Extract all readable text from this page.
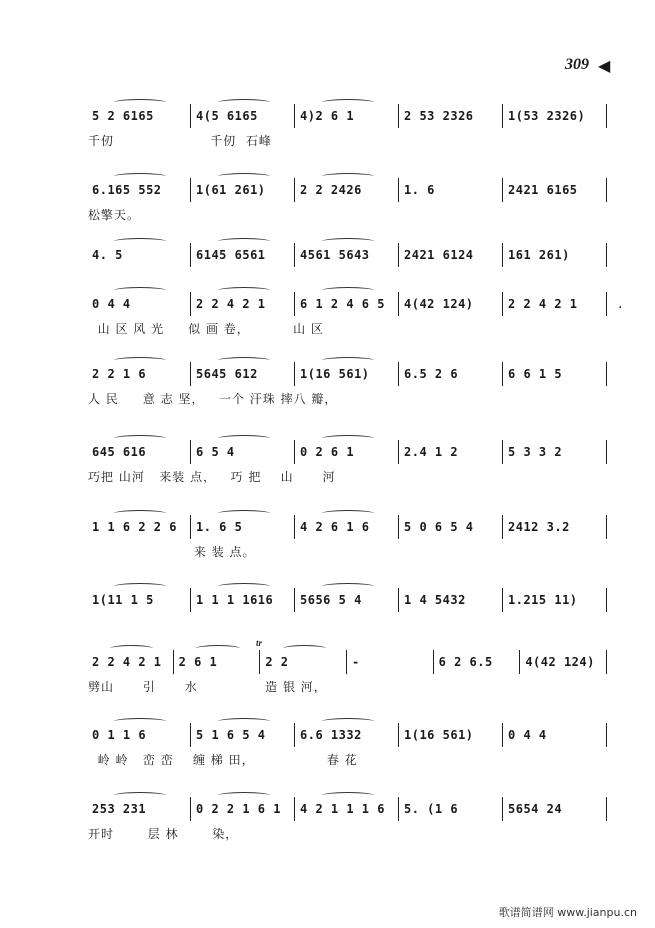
309 ◀
5 2 6165	4(5 6165	4)2 6 1	2 53 2326	1(53 2326)
千仞                    千仞  石峰
6.165 552	1(61 261)	2 2 2426	1. 6	2421 6165
松擎天。
4. 5	6145 6561	4561 5643	2421 6124	161 261)
0 4 4	2 2 4 2 1	6 1 2 4 6 5	4(42 124)	2 2 4 2 1
山 区 风 光     似 画 卷，         山 区
2 2 1 6	5645 612	1(16 561)	6.5 2 6	6 6 1 5
人 民     意 志 坚，   一个 汗珠 摔八 瓣，
645 616	6 5 4	0 2 6 1	2.4 1 2	5 3 3 2
巧把 山河   来装 点，   巧 把    山      河
1 1 6 2 2 6	1. 6 5	4 2 6 1 6	5 0 6 5 4	2412 3.2
来 装 点。
1(11 1 5	1 1 1 1616	5656 5 4	1 4 5432	1.215 11)
2 2 4 2 1	2 6 1	2 2	-	6 2 6.5	4(42 124)
劈山      引      水              造 银 河，
tr
0 1 1 6	5 1 6 5 4	6.6 1332	1(16 561)	0 4 4
岭 岭   峦 峦    缠 梯 田，               春 花
253 231	0 2 2 1 6 1	4 2 1 1 1 6	5. (1 6	5654 24
开时       层 林       染，
·
歌谱简谱网 www.jianpu.cn
